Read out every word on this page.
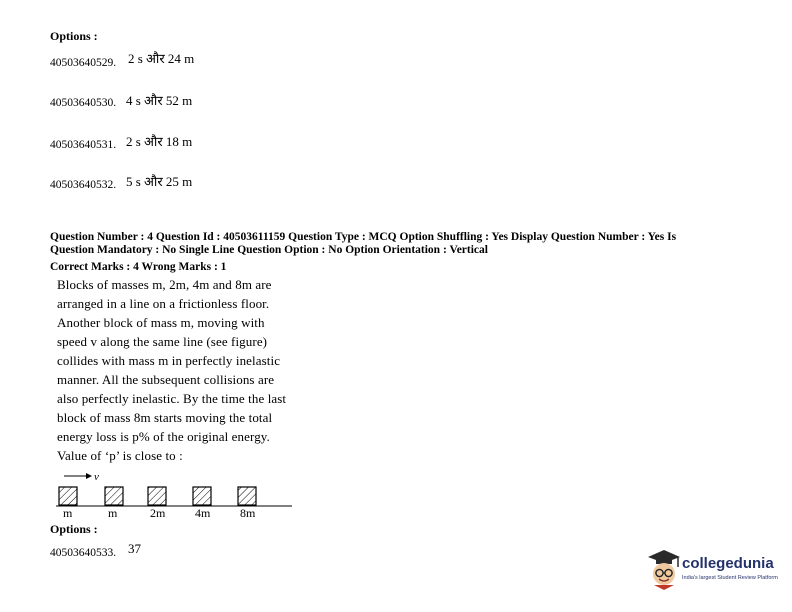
Options :
40503640529. 2 s और 24 m
40503640530. 4 s और 52 m
40503640531. 2 s और 18 m
40503640532. 5 s और 25 m
Question Number : 4 Question Id : 40503611159 Question Type : MCQ Option Shuffling : Yes Display Question Number : Yes Is
Question Mandatory : No Single Line Question Option : No Option Orientation : Vertical
Correct Marks : 4 Wrong Marks : 1
Blocks of masses m, 2m, 4m and 8m are
arranged in a line on a frictionless floor.
Another block of mass m, moving with
speed v along the same line (see figure)
collides with mass m in perfectly inelastic
manner. All the subsequent collisions are
also perfectly inelastic. By the time the last
block of mass 8m starts moving the total
energy loss is p% of the original energy.
Value of ‘p’ is close to :
v
m	m	2m 4m 8m
Options :
40503640533. 37
collegedunia
India's largest Student Review Platform
